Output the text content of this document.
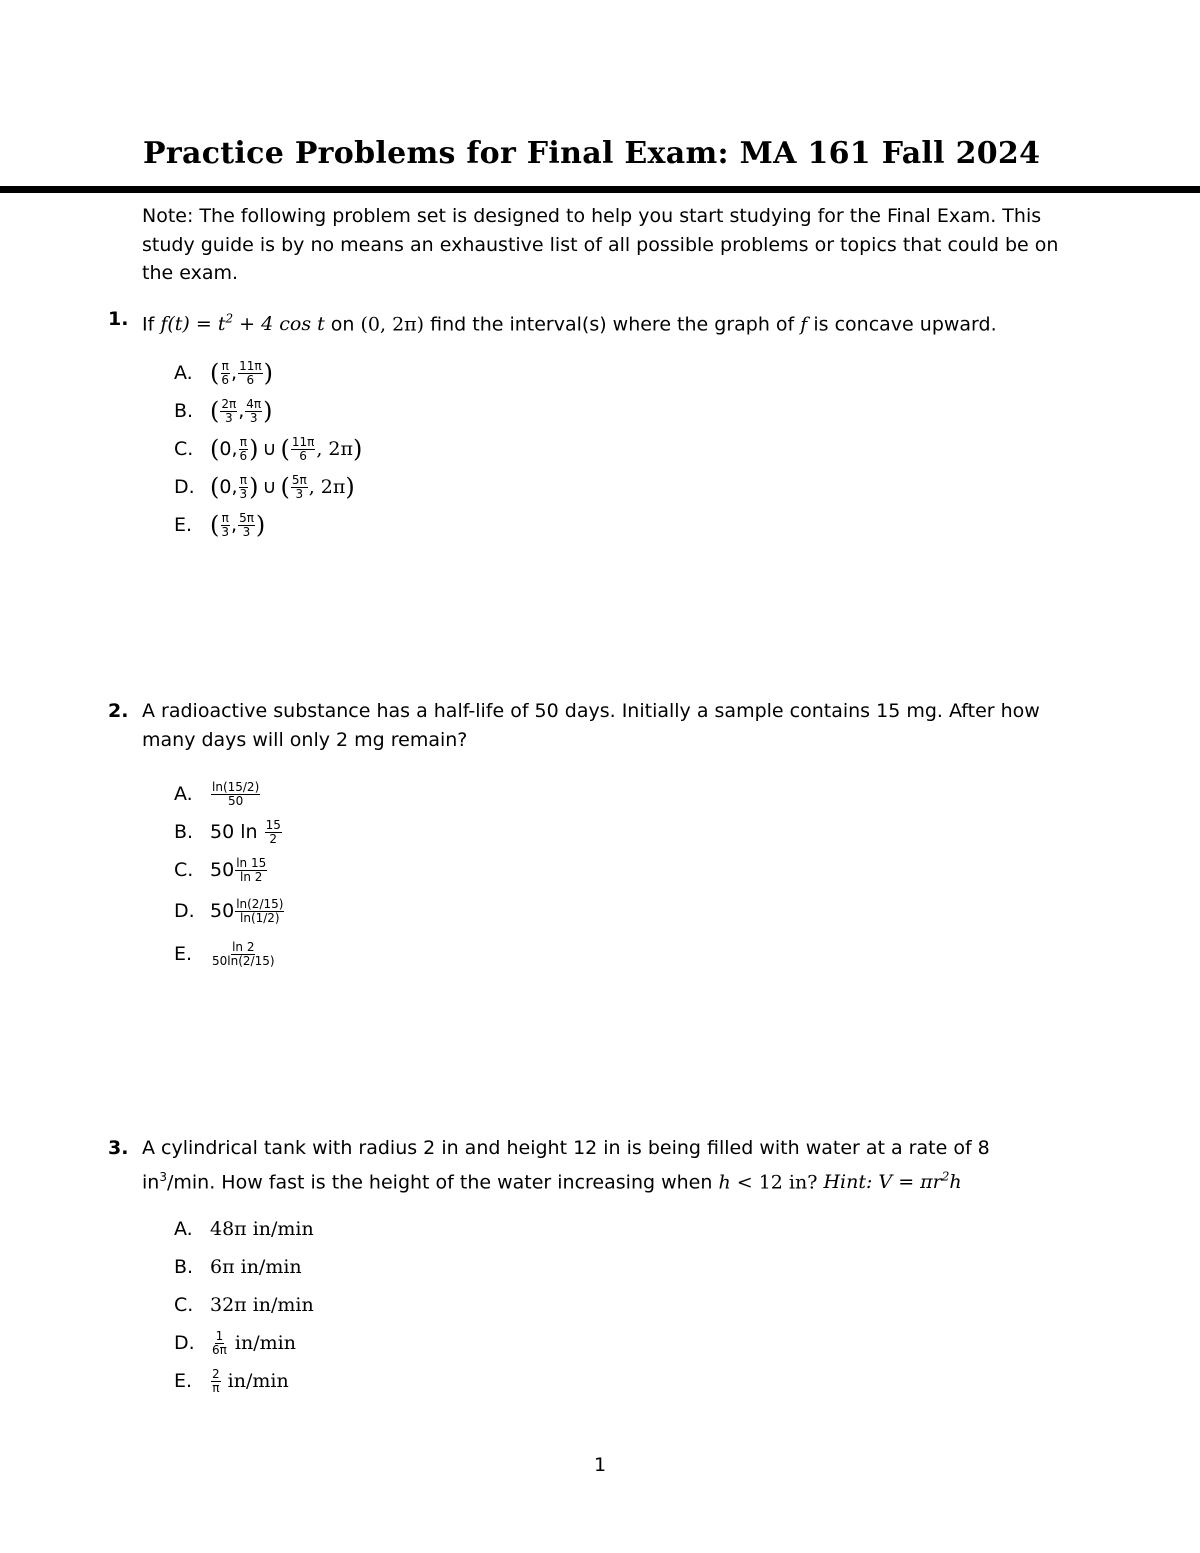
Practice Problems for Final Exam: MA 161 Fall 2024
Note: The following problem set is designed to help you start studying for the Final Exam. This study guide is by no means an exhaustive list of all possible problems or topics that could be on the exam.
1. If $f(t) = t^2 + 4$ cos t on (0, 2π) find the interval(s) where the graph of f is concave upward.
A. ( $\frac{\pi}{6}$ , $\frac{11\pi}{6}$ )
B. ( $\frac{2\pi}{3}$ , $\frac{4\pi}{3}$ )
C. ( 0, $\frac{\pi}{6}$ ) ∪ ( $\frac{11\pi}{6}$ , 2π )
D. ( 0, $\frac{\pi}{3}$ ) ∪ ( $\frac{5\pi}{3}$ , 2π )
E. ( $\frac{\pi}{3}$ , $\frac{5\pi}{3}$ )
2. A radioactive substance has a half-life of 50 days. Initially a sample contains 15 mg. After how many days will only 2 mg remain?
A.	$\frac{\ln(15/2)}{50}$
B. 50 $\ln \frac{15}{2}$
C. $50 \frac{\ln 15}{\ln 2}$
D. $50 \frac{\ln(2/15)}{\ln(1/2)}$
E.	$\frac{\ln 2}{50\ln(2/15)}$
3. A cylindrical tank with radius 2 in and height 12 in is being filled with water at a rate of 8 $in^3/\min$. How fast is the height of the water increasing when h < 12 in? Hint: $V = \pi r^2h$
A. 48π in/min
B. 6π in/min
C. 32π in/min
D.	$\frac{1}{6\pi} in/\min$
E.	$\frac{2}{\pi} in/\min$
1
